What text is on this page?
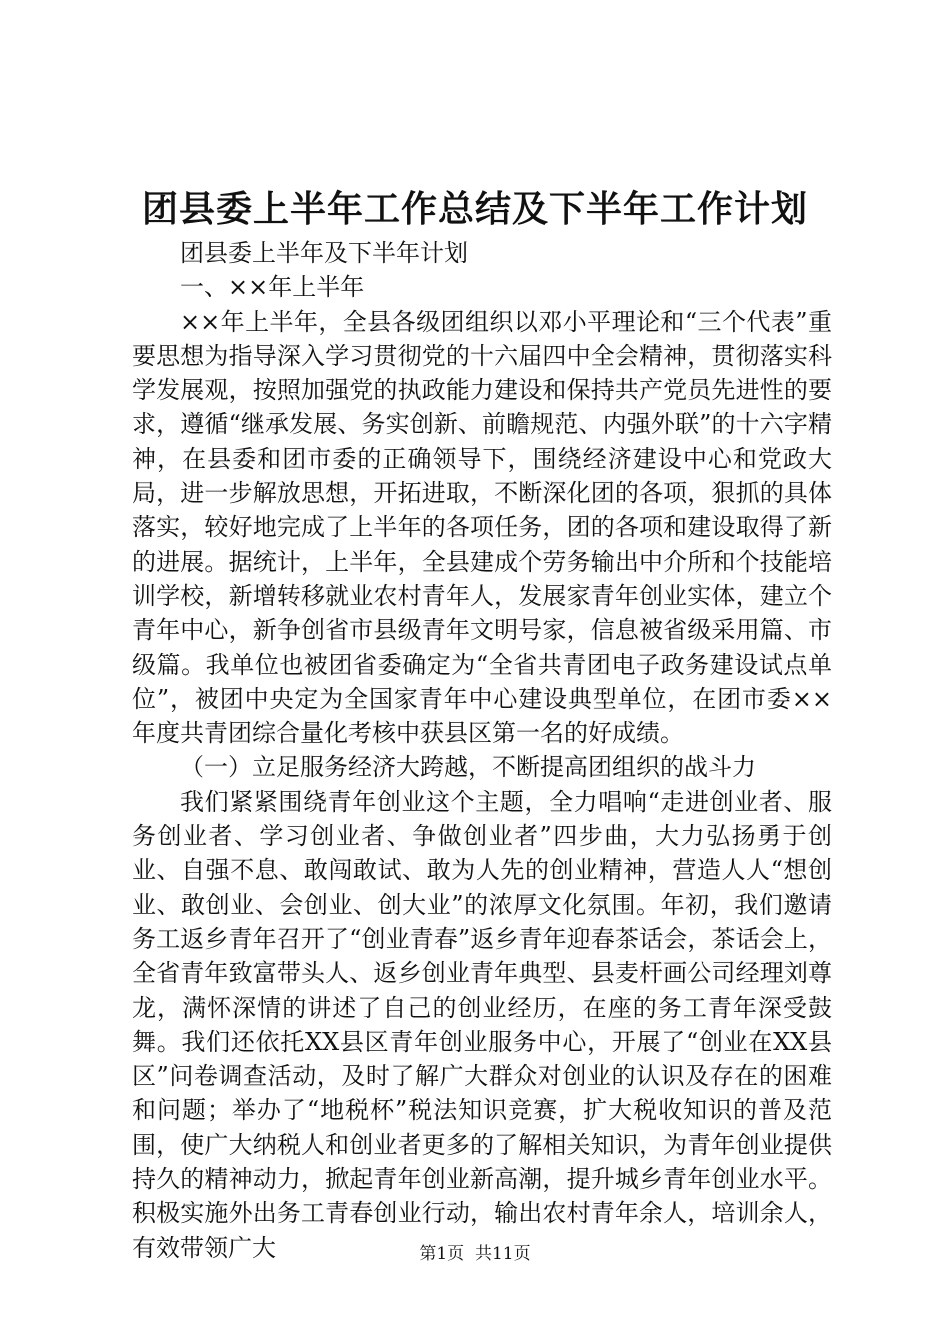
团县委上半年工作总结及下半年工作计划

团县委上半年及下半年计划

一、××年上半年

××年上半年，全县各级团组织以邓小平理论和“三个代表”重要思想为指导深入学习贯彻党的十六届四中全会精神，贯彻落实科学发展观，按照加强党的执政能力建设和保持共产党员先进性的要求，遵循“继承发展、务实创新、前瞻规范、内强外联”的十六字精神，在县委和团市委的正确领导下，围绕经济建设中心和党政大局，进一步解放思想，开拓进取，不断深化团的各项，狠抓的具体落实，较好地完成了上半年的各项任务，团的各项和建设取得了新的进展。据统计，上半年，全县建成个劳务输出中介所和个技能培训学校，新增转移就业农村青年人，发展家青年创业实体，建立个青年中心，新争创省市县级青年文明号家，信息被省级采用篇、市级篇。我单位也被团省委确定为“全省共青团电子政务建设试点单位”，被团中央定为全国家青年中心建设典型单位，在团市委××年度共青团综合量化考核中获县区第一名的好成绩。

（一）立足服务经济大跨越，不断提高团组织的战斗力

我们紧紧围绕青年创业这个主题，全力唱响“走进创业者、服务创业者、学习创业者、争做创业者”四步曲，大力弘扬勇于创业、自强不息、敢闯敢试、敢为人先的创业精神，营造人人“想创业、敢创业、会创业、创大业”的浓厚文化氛围。年初，我们邀请务工返乡青年召开了“创业青春”返乡青年迎春茶话会，茶话会上，全省青年致富带头人、返乡创业青年典型、县麦杆画公司经理刘尊龙，满怀深情的讲述了自己的创业经历，在座的务工青年深受鼓舞。我们还依托XX县区青年创业服务中心，开展了“创业在XX县区”问卷调查活动，及时了解广大群众对创业的认识及存在的困难和问题；举办了“地税杯”税法知识竞赛，扩大税收知识的普及范围，使广大纳税人和创业者更多的了解相关知识，为青年创业提供持久的精神动力，掀起青年创业新高潮，提升城乡青年创业水平。积极实施外出务工青春创业行动，输出农村青年余人，培训余人，有效带领广大	第1页  共11页
